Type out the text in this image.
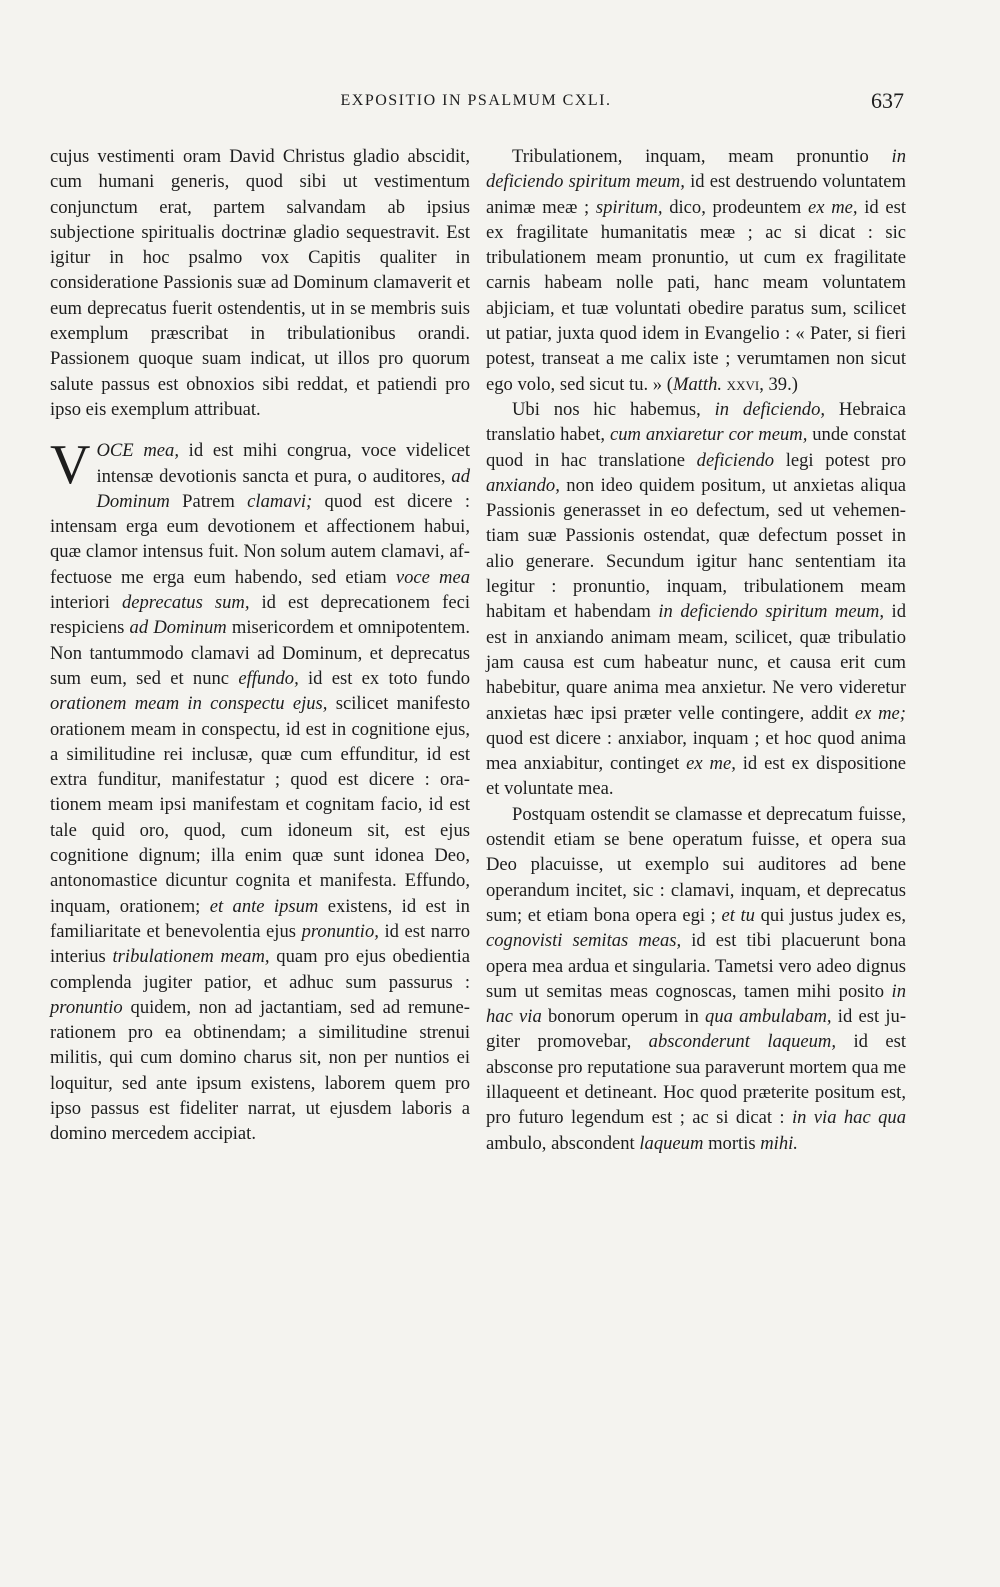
EXPOSITIO IN PSALMUM CXLI.	637

cujus vestimenti oram David Christus gladio abscidit, cum humani generis, quod sibi ut vestimentum conjunctum erat, partem salvandam ab ipsius subjectione spiritualis doctrinæ gladio sequestravit. Est igitur in hoc psalmo vox Capitis qualiter in consideratione Passionis suæ ad Dominum clamaverit et eum deprecatus fuerit ostendentis, ut in se membris suis exemplum præscribat in tribulationibus orandi. Passionem quoque suam indicat, ut illos pro quorum salute passus est obnoxios sibi reddat, et patiendi pro ipso eis exemplum attribuat.

VOCE mea, id est mihi congrua, voce videlicet intensæ devotionis sancta et pura, o auditores, ad Dominum Patrem clamavi; quod est dicere : intensam erga eum devotionem et affectionem habui, quæ clamor intensus fuit. Non solum autem clamavi, affectuose me erga eum habendo, sed etiam voce mea interiori deprecatus sum, id est deprecationem feci respiciens ad Dominum misericordem et omnipotentem. Non tantummodo clamavi ad Dominum, et deprecatus sum eum, sed et nunc effundo, id est ex toto fundo orationem meam in conspectu ejus, scilicet manifesto orationem meam in conspectu, id est in cognitione ejus, a similitudine rei inclusæ, quæ cum effunditur, id est extra funditur, manifestatur ; quod est dicere : orationem meam ipsi manifestam et cognitam facio, id est tale quid oro, quod, cum idoneum sit, est ejus cognitione dignum; illa enim quæ sunt idonea Deo, antonomastice dicuntur cognita et manifesta. Effundo, inquam, orationem; et ante ipsum existens, id est in familiaritate et benevolentia ejus pronuntio, id est narro interius tribulationem meam, quam pro ejus obedientia complenda jugiter patior, et adhuc sum passurus : pronuntio quidem, non ad jactantiam, sed ad remunerationem pro ea obtinendam; a similitudine strenui militis, qui cum domino charus sit, non per nuntios ei loquitur, sed ante ipsum existens, laborem quem pro ipso passus est fideliter narrat, ut ejusdem laboris a domino mercedem accipiat.

Tribulationem, inquam, meam pronuntio in deficiendo spiritum meum, id est destruendo voluntatem animæ meæ ; spiritum, dico, prodeuntem ex me, id est ex fragilitate humanitatis meæ ; ac si dicat : sic tribulationem meam pronuntio, ut cum ex fragilitate carnis habeam nolle pati, hanc meam voluntatem abjiciam, et tuæ voluntati obedire paratus sum, scilicet ut patiar, juxta quod idem in Evangelio : « Pater, si fieri potest, transeat a me calix iste ; verumtamen non sicut ego volo, sed sicut tu. » (Matth. xxvi, 39.)

Ubi nos hic habemus, in deficiendo, Hebraica translatio habet, cum anxiaretur cor meum, unde constat quod in hac translatione deficiendo legi potest pro anxiando, non ideo quidem positum, ut anxietas aliqua Passionis generasset in eo defectum, sed ut vehementiam suæ Passionis ostendat, quæ defectum posset in alio generare. Secundum igitur hanc sententiam ita legitur : pronuntio, inquam, tribulationem meam habitam et habendam in deficiendo spiritum meum, id est in anxiando animam meam, scilicet, quæ tribulatio jam causa est cum habeatur nunc, et causa erit cum habebitur, quare anima mea anxietur. Ne vero videretur anxietas hæc ipsi præter velle contingere, addit ex me; quod est dicere : anxiabor, inquam ; et hoc quod anima mea anxiabitur, continget ex me, id est ex dispositione et voluntate mea.

Postquam ostendit se clamasse et deprecatum fuisse, ostendit etiam se bene operatum fuisse, et opera sua Deo placuisse, ut exemplo sui auditores ad bene operandum incitet, sic : clamavi, inquam, et deprecatus sum; et etiam bona opera egi ; et tu qui justus judex es, cognovisti semitas meas, id est tibi placuerunt bona opera mea ardua et singularia. Tametsi vero adeo dignus sum ut semitas meas cognoscas, tamen mihi posito in hac via bonorum operum in qua ambulabam, id est jugiter promovebar, absconderunt laqueum, id est absconse pro reputatione sua paraverunt mortem qua me illaqueent et detineant. Hoc quod præterite positum est, pro futuro legendum est ; ac si dicat : in via hac qua ambulo, abscondent laqueum mortis mihi.
